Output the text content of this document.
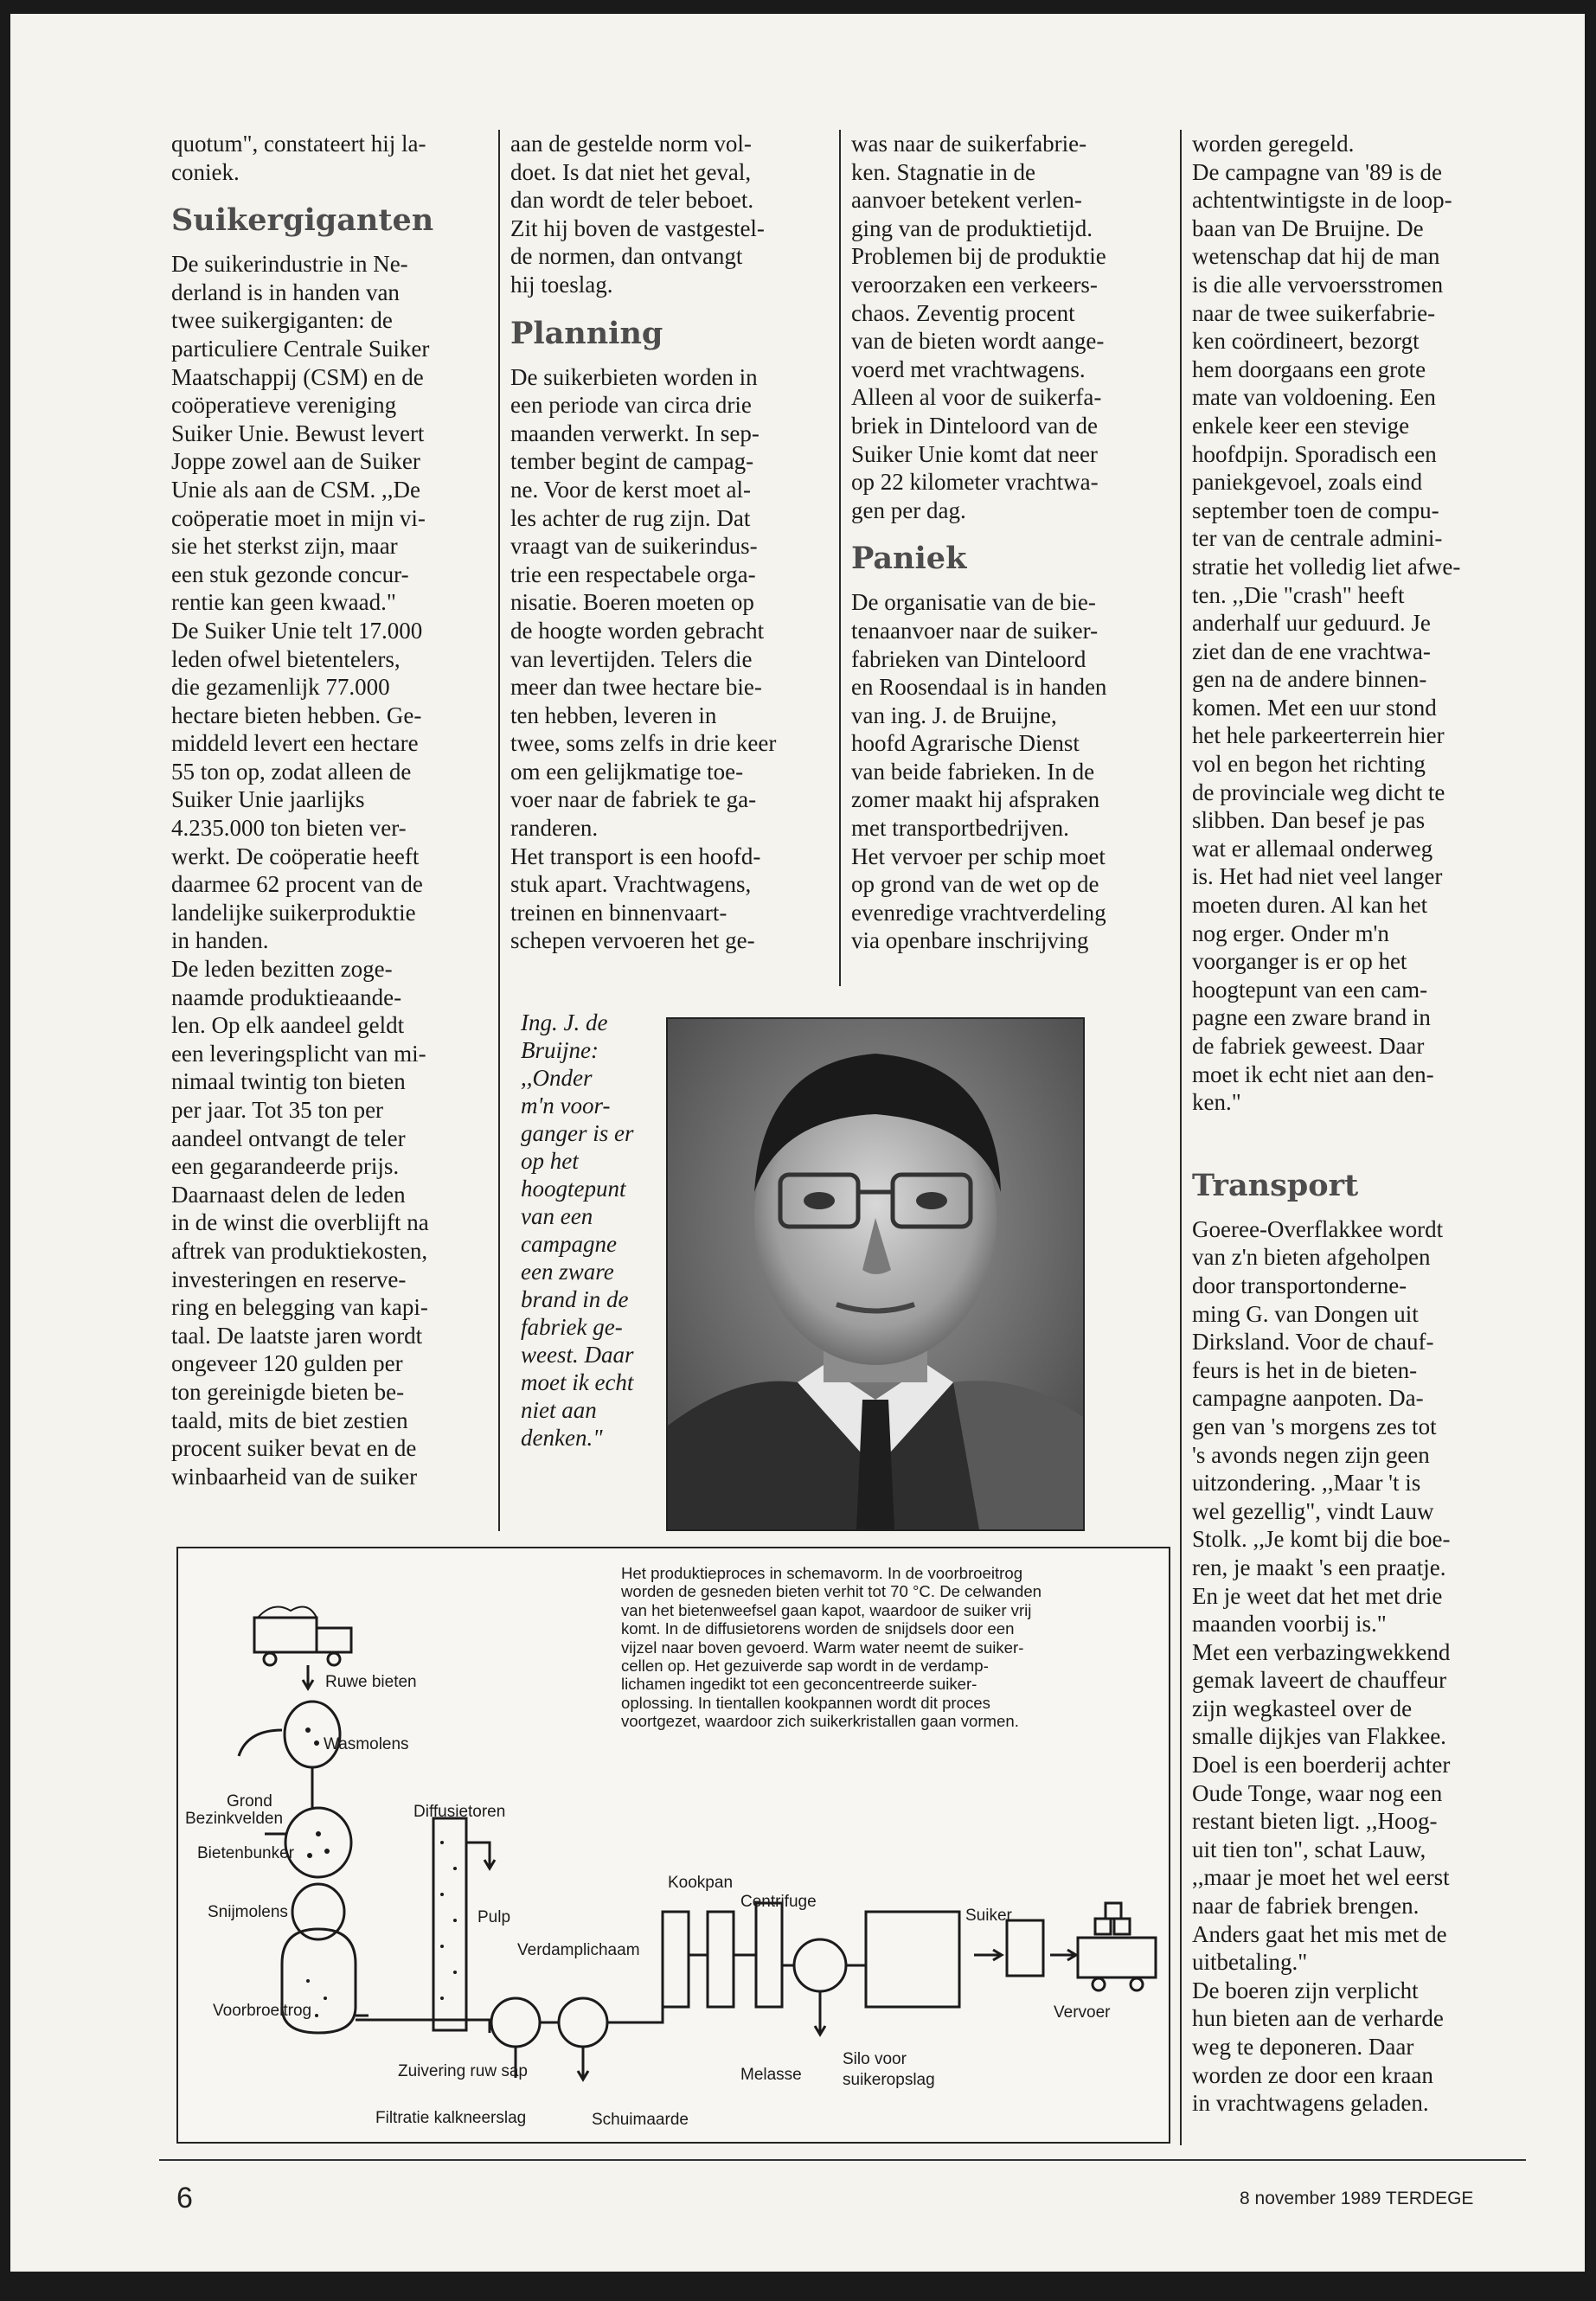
quotum", constateert hij la-
coniek.

Suikergiganten

De suikerindustrie in Ne-
derland is in handen van
twee suikergiganten: de
particuliere Centrale Suiker
Maatschappij (CSM) en de
coöperatieve vereniging
Suiker Unie. Bewust levert
Joppe zowel aan de Suiker
Unie als aan de CSM. ,,De
coöperatie moet in mijn vi-
sie het sterkst zijn, maar
een stuk gezonde concur-
rentie kan geen kwaad."
De Suiker Unie telt 17.000
leden ofwel bietentelers,
die gezamenlijk 77.000
hectare bieten hebben. Ge-
middeld levert een hectare
55 ton op, zodat alleen de
Suiker Unie jaarlijks
4.235.000 ton bieten ver-
werkt. De coöperatie heeft
daarmee 62 procent van de
landelijke suikerproduktie
in handen.
De leden bezitten zoge-
naamde produktieaande-
len. Op elk aandeel geldt
een leveringsplicht van mi-
nimaal twintig ton bieten
per jaar. Tot 35 ton per
aandeel ontvangt de teler
een gegarandeerde prijs.
Daarnaast delen de leden
in de winst die overblijft na
aftrek van produktiekosten,
investeringen en reserve-
ring en belegging van kapi-
taal. De laatste jaren wordt
ongeveer 120 gulden per
ton gereinigde bieten be-
taald, mits de biet zestien
procent suiker bevat en de
winbaarheid van de suiker

aan de gestelde norm vol-
doet. Is dat niet het geval,
dan wordt de teler beboet.
Zit hij boven de vastgestel-
de normen, dan ontvangt
hij toeslag.

Planning

De suikerbieten worden in
een periode van circa drie
maanden verwerkt. In sep-
tember begint de campag-
ne. Voor de kerst moet al-
les achter de rug zijn. Dat
vraagt van de suikerindus-
trie een respectabele orga-
nisatie. Boeren moeten op
de hoogte worden gebracht
van levertijden. Telers die
meer dan twee hectare bie-
ten hebben, leveren in
twee, soms zelfs in drie keer
om een gelijkmatige toe-
voer naar de fabriek te ga-
randeren.
Het transport is een hoofd-
stuk apart. Vrachtwagens,
treinen en binnenvaart-
schepen vervoeren het ge-

was naar de suikerfabrie-
ken. Stagnatie in de
aanvoer betekent verlen-
ging van de produktietijd.
Problemen bij de produktie
veroorzaken een verkeers-
chaos. Zeventig procent
van de bieten wordt aange-
voerd met vrachtwagens.
Alleen al voor de suikerfa-
briek in Dinteloord van de
Suiker Unie komt dat neer
op 22 kilometer vrachtwa-
gen per dag.

Paniek

De organisatie van de bie-
tenaanvoer naar de suiker-
fabrieken van Dinteloord
en Roosendaal is in handen
van ing. J. de Bruijne,
hoofd Agrarische Dienst
van beide fabrieken. In de
zomer maakt hij afspraken
met transportbedrijven.
Het vervoer per schip moet
op grond van de wet op de
evenredige vrachtverdeling
via openbare inschrijving

worden geregeld.
De campagne van '89 is de
achtentwintigste in de loop-
baan van De Bruijne. De
wetenschap dat hij de man
is die alle vervoersstromen
naar de twee suikerfabrie-
ken coördineert, bezorgt
hem doorgaans een grote
mate van voldoening. Een
enkele keer een stevige
hoofdpijn. Sporadisch een
paniekgevoel, zoals eind
september toen de compu-
ter van de centrale admini-
stratie het volledig liet afwe-
ten. ,,Die "crash" heeft
anderhalf uur geduurd. Je
ziet dan de ene vrachtwa-
gen na de andere binnen-
komen. Met een uur stond
het hele parkeerterrein hier
vol en begon het richting
de provinciale weg dicht te
slibben. Dan besef je pas
wat er allemaal onderweg
is. Het had niet veel langer
moeten duren. Al kan het
nog erger. Onder m'n
voorganger is er op het
hoogtepunt van een cam-
pagne een zware brand in
de fabriek geweest. Daar
moet ik echt niet aan den-
ken."

Transport

Goeree-Overflakkee wordt
van z'n bieten afgeholpen
door transportonderne-
ming G. van Dongen uit
Dirksland. Voor de chauf-
feurs is het in de bieten-
campagne aanpoten. Da-
gen van 's morgens zes tot
's avonds negen zijn geen
uitzondering. ,,Maar 't is
wel gezellig", vindt Lauw
Stolk. ,,Je komt bij die boe-
ren, je maakt 's een praatje.
En je weet dat het met drie
maanden voorbij is."
Met een verbazingwekkend
gemak laveert de chauffeur
zijn wegkasteel over de
smalle dijkjes van Flakkee.
Doel is een boerderij achter
Oude Tonge, waar nog een
restant bieten ligt. ,,Hoog-
uit tien ton", schat Lauw,
,,maar je moet het wel eerst
naar de fabriek brengen.
Anders gaat het mis met de
uitbetaling."
De boeren zijn verplicht
hun bieten aan de verharde
weg te deponeren. Daar
worden ze door een kraan
in vrachtwagens geladen.

Ing. J. de
Bruijne:
,,Onder
m'n voor-
ganger is er
op het
hoogtepunt
van een
campagne
een zware
brand in de
fabriek ge-
weest. Daar
moet ik echt
niet aan
denken."

Ruwe bieten
Wasmolens
Grond
Bezinkvelden
Bietenbunker
Snijmolens
Diffusietoren
Pulp
Kookpan
Centrifuge
Verdamplichaam
Suiker
Vervoer
Voorbroeitrog
Zuivering ruw sap	Melasse
Silo voor
suikeropslag
Filtratie kalkneerslag	Schuimaarde

Het produktieproces in schemavorm. In de voorbroeitrog
worden de gesneden bieten verhit tot 70 °C. De celwanden
van het bietenweefsel gaan kapot, waardoor de suiker vrij
komt. In de diffusietorens worden de snijdsels door een
vijzel naar boven gevoerd. Warm water neemt de suiker-
cellen op. Het gezuiverde sap wordt in de verdamp-
lichamen ingedikt tot een geconcentreerde suiker-
oplossing. In tientallen kookpannen wordt dit proces
voortgezet, waardoor zich suikerkristallen gaan vormen.

6	8 november 1989 TERDEGE
